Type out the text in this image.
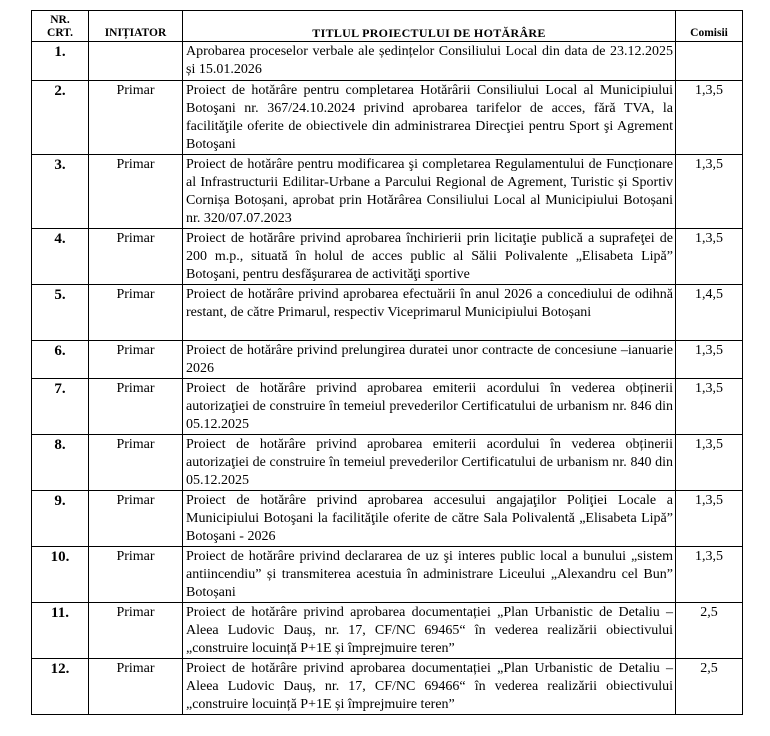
NR.
CRT.	INIȚIATOR	TITLUL PROIECTULUI DE HOTĂRÂRE	Comisii
1.		Aprobarea proceselor verbale ale ședințelor Consiliului Local din data de 23.12.2025 și 15.01.2026	
2.	Primar	Proiect de hotărâre pentru completarea Hotărârii Consiliului Local al Municipiului Botoşani nr. 367/24.10.2024 privind aprobarea tarifelor de acces, fără TVA, la facilităţile oferite de obiectivele din administrarea Direcţiei pentru Sport şi Agrement Botoşani	1,3,5
3.	Primar	Proiect de hotărâre pentru modificarea şi completarea Regulamentului de Funcționare al Infrastructurii Edilitar-Urbane a Parcului Regional de Agrement, Turistic și Sportiv Cornișa Botoșani, aprobat prin Hotărârea Consiliului Local al Municipiului Botoșani nr. 320/07.07.2023	1,3,5
4.	Primar	Proiect de hotărâre privind aprobarea închirierii prin licitaţie publică a suprafeţei de 200 m.p., situată în holul de acces public al Sălii Polivalente „Elisabeta Lipă” Botoşani, pentru desfăşurarea de activităţi sportive	1,3,5
5.	Primar	Proiect de hotărâre privind aprobarea efectuării în anul 2026 a concediului de odihnă restant, de către Primarul, respectiv Viceprimarul Municipiului Botoșani	1,4,5
6.	Primar	Proiect de hotărâre privind prelungirea duratei unor contracte de concesiune –ianuarie 2026	1,3,5
7.	Primar	Proiect de hotărâre privind aprobarea emiterii acordului în vederea obținerii autorizaţiei de construire în temeiul prevederilor Certificatului de urbanism nr. 846 din 05.12.2025	1,3,5
8.	Primar	Proiect de hotărâre privind aprobarea emiterii acordului în vederea obținerii autorizaţiei de construire în temeiul prevederilor Certificatului de urbanism nr. 840 din 05.12.2025	1,3,5
9.	Primar	Proiect de hotărâre privind aprobarea accesului angajaţilor Poliţiei Locale a Municipiului Botoşani la facilităţile oferite de către Sala Polivalentă „Elisabeta Lipă” Botoşani - 2026	1,3,5
10.	Primar	Proiect de hotărâre privind declararea de uz şi interes public local a bunului „sistem antiincendiu” și transmiterea acestuia în administrare Liceului „Alexandru cel Bun” Botoșani	1,3,5
11.	Primar	Proiect de hotărâre privind aprobarea documentației „Plan Urbanistic de Detaliu – Aleea Ludovic Dauș, nr. 17, CF/NC 69465“ în vederea realizării obiectivului „construire locuință P+1E și împrejmuire teren”	2,5
12.	Primar	Proiect de hotărâre privind aprobarea documentației „Plan Urbanistic de Detaliu – Aleea Ludovic Dauș, nr. 17, CF/NC 69466“ în vederea realizării obiectivului „construire locuință P+1E și împrejmuire teren”	2,5
